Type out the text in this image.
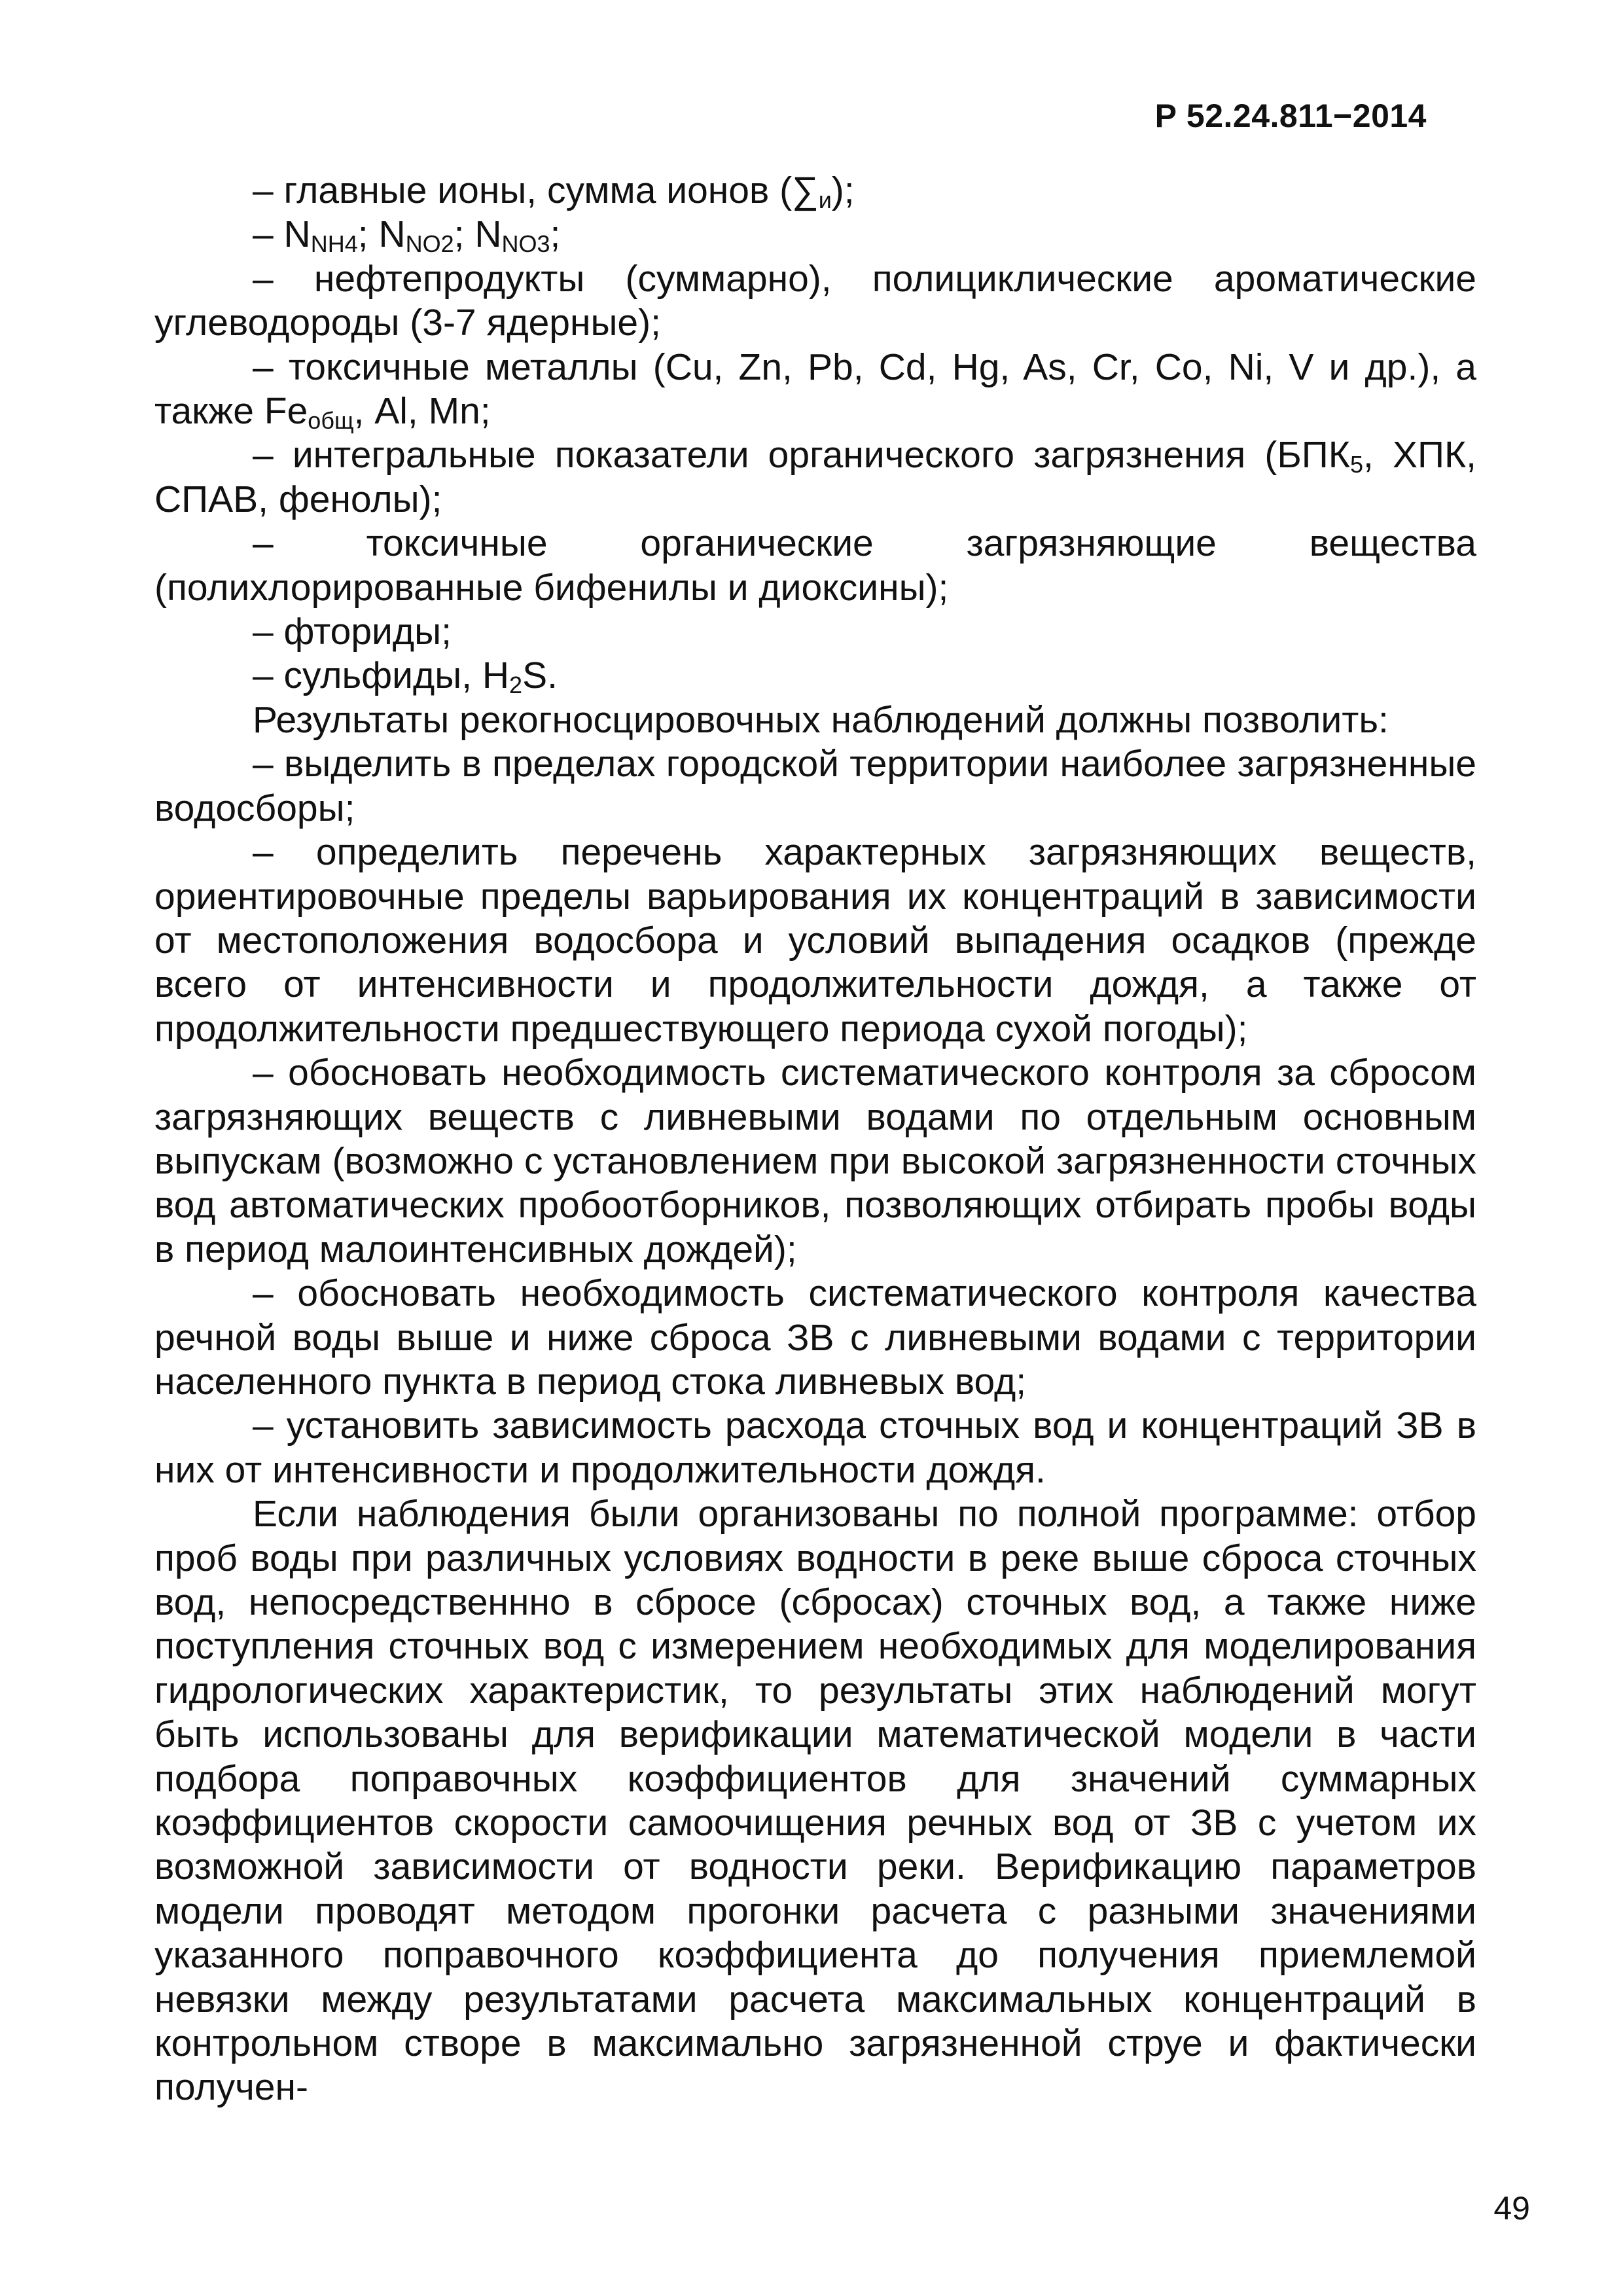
Р 52.24.811−2014

‒ главные ионы, сумма ионов $(\sum_и)$;

‒ $N_{NH4}$; $N_{NO2}$; $N_{NO3}$;

‒ нефтепродукты (суммарно), полициклические ароматические углеводороды (3-7 ядерные);

‒ токсичные металлы (Cu, Zn, Pb, Cd, Hg, As, Cr, Co, Ni, V и др.), а также $Fe_{общ}$, Al, Mn;

‒ интегральные показатели органического загрязнения ($БПК_5$, ХПК, СПАВ, фенолы);

‒ токсичные органические загрязняющие вещества (полихлорированные бифенилы и диоксины);

‒ фториды;

‒ сульфиды, $H_2S$.

Результаты рекогносцировочных наблюдений должны позволить:

‒ выделить в пределах городской территории наиболее загрязненные водосборы;

‒ определить перечень характерных загрязняющих веществ, ориентировочные пределы варьирования их концентраций в зависимости от местоположения водосбора и условий выпадения осадков (прежде всего от интенсивности и продолжительности дождя, а также от продолжительности предшествующего периода сухой погоды);

‒ обосновать необходимость систематического контроля за сбросом загрязняющих веществ с ливневыми водами по отдельным основным выпускам (возможно с установлением при высокой загрязненности сточных вод автоматических пробоотборников, позволяющих отбирать пробы воды в период малоинтенсивных дождей);

‒ обосновать необходимость систематического контроля качества речной воды выше и ниже сброса ЗВ с ливневыми водами с территории населенного пункта в период стока ливневых вод;

‒ установить зависимость расхода сточных вод и концентраций ЗВ в них от интенсивности и продолжительности дождя.

Если наблюдения были организованы по полной программе: отбор проб воды при различных условиях водности в реке выше сброса сточных вод, непосредственнно в сбросе (сбросах) сточных вод, а также ниже поступления сточных вод с измерением необходимых для моделирования гидрологических характеристик, то результаты этих наблюдений могут быть использованы для верификации математической модели в части подбора поправочных коэффициентов для значений суммарных коэффициентов скорости самоочищения речных вод от ЗВ с учетом их возможной зависимости от водности реки. Верификацию параметров модели проводят методом прогонки расчета с разными значениями указанного поправочного коэффициента до получения приемлемой невязки между результатами расчета максимальных концентраций в контрольном створе в максимально загрязненной струе и фактически получен-

49
